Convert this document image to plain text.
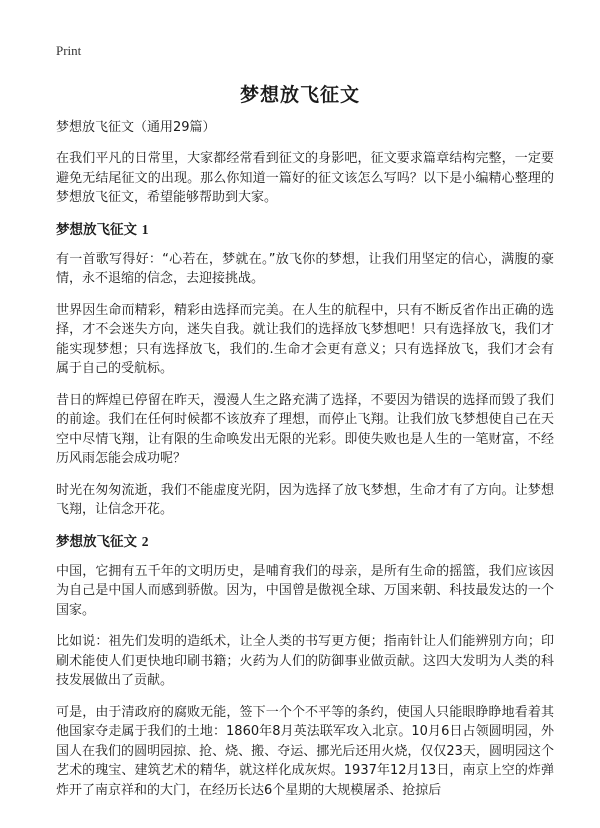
Print
梦想放飞征文

梦想放飞征文（通用29篇）

在我们平凡的日常里，大家都经常看到征文的身影吧，征文要求篇章结构完整，一定要避免无结尾征文的出现。那么你知道一篇好的征文该怎么写吗？以下是小编精心整理的梦想放飞征文，希望能够帮助到大家。

梦想放飞征文 1

有一首歌写得好：“心若在，梦就在。”放飞你的梦想，让我们用坚定的信心，满腹的豪情，永不退缩的信念，去迎接挑战。

世界因生命而精彩，精彩由选择而完美。在人生的航程中，只有不断反省作出正确的选择，才不会迷失方向，迷失自我。就让我们的选择放飞梦想吧！只有选择放飞，我们才能实现梦想；只有选择放飞，我们的.生命才会更有意义；只有选择放飞，我们才会有属于自己的受航标。

昔日的辉煌已停留在昨天，漫漫人生之路充满了选择，不要因为错误的选择而毁了我们的前途。我们在任何时候都不该放弃了理想，而停止飞翔。让我们放飞梦想使自己在天空中尽情飞翔，让有限的生命唤发出无限的光彩。即使失败也是人生的一笔财富，不经历风雨怎能会成功呢？

时光在匆匆流逝，我们不能虚度光阴，因为选择了放飞梦想，生命才有了方向。让梦想飞翔，让信念开花。

梦想放飞征文 2

中国，它拥有五千年的文明历史，是哺育我们的母亲，是所有生命的摇篮，我们应该因为自己是中国人而感到骄傲。因为，中国曾是傲视全球、万国来朝、科技最发达的一个国家。

比如说：祖先们发明的造纸术，让全人类的书写更方便；指南针让人们能辨别方向；印刷术能使人们更快地印刷书籍；火药为人们的防御事业做贡献。这四大发明为人类的科技发展做出了贡献。

可是，由于清政府的腐败无能，签下一个个不平等的条约，使国人只能眼睁睁地看着其他国家夺走属于我们的土地：1860年8月英法联军攻入北京。10月6日占领圆明园，外国人在我们的圆明园掠、抢、烧、搬、夺运、挪光后还用火烧，仅仅23天，圆明园这个艺术的瑰宝、建筑艺术的精华，就这样化成灰烬。1937年12月13日，南京上空的炸弹炸开了南京祥和的大门，在经历长达6个星期的大规模屠杀、抢掠后
